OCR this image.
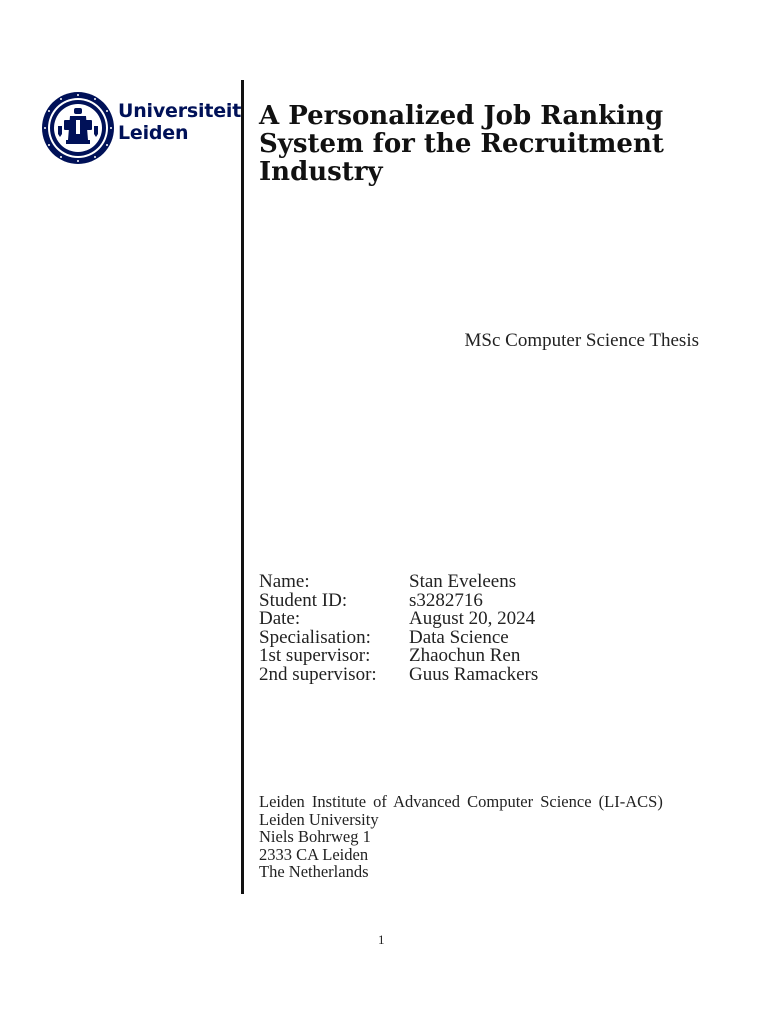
Universiteit
Leiden
A Personalized Job Ranking System for the Recruitment Industry

MSc Computer Science Thesis

Name:	Stan Eveleens
Student ID:	s3282716
Date:	August 20, 2024
Specialisation:	Data Science
1st supervisor:	Zhaochun Ren
2nd supervisor:	Guus Ramackers
Leiden Institute of Advanced Computer Science (LI-ACS)
Leiden University
Niels Bohrweg 1
2333 CA Leiden
The Netherlands
1
